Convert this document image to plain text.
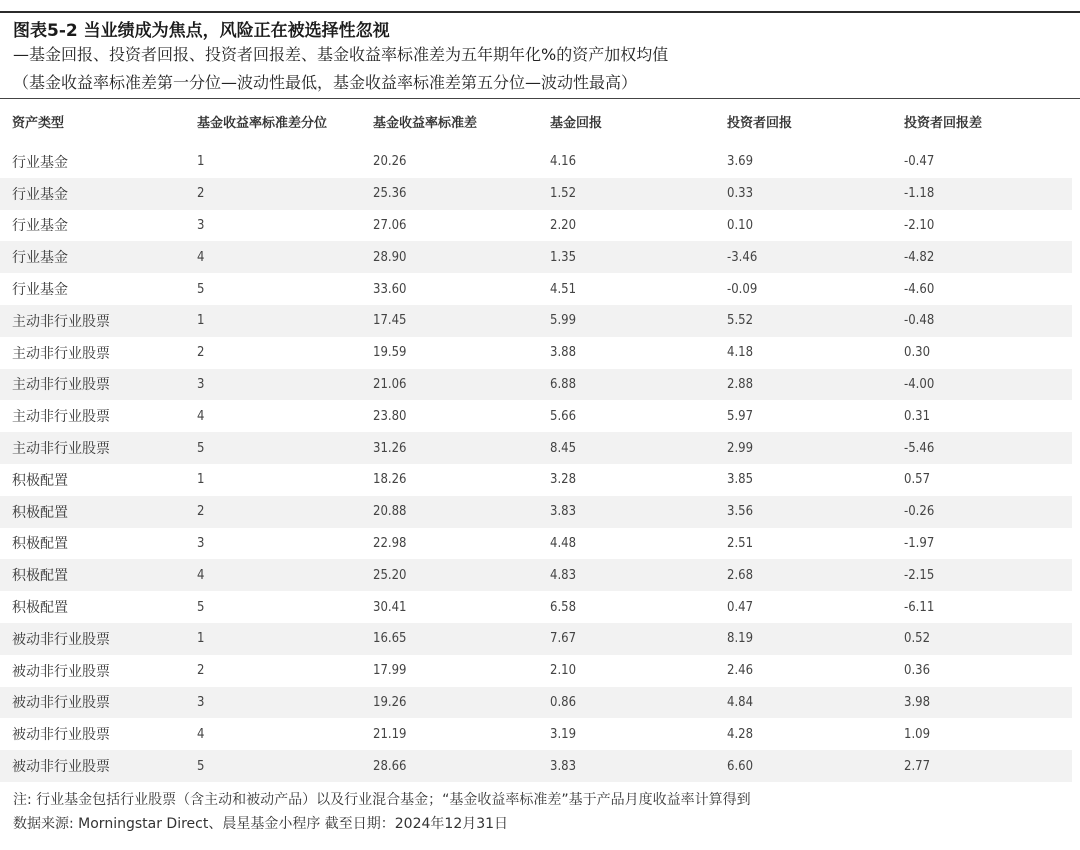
图表5-2 当业绩成为焦点，风险正在被选择性忽视
—基金回报、投资者回报、投资者回报差、基金收益率标准差为五年期年化%的资产加权均值
（基金收益率标准差第一分位—波动性最低，基金收益率标准差第五分位—波动性最高）
资产类型	基金收益率标准差分位	基金收益率标准差	基金回报	投资者回报	投资者回报差
行业基金	1	20.26	4.16	3.69	-0.47
行业基金	2	25.36	1.52	0.33	-1.18
行业基金	3	27.06	2.20	0.10	-2.10
行业基金	4	28.90	1.35	-3.46	-4.82
行业基金	5	33.60	4.51	-0.09	-4.60
主动非行业股票	1	17.45	5.99	5.52	-0.48
主动非行业股票	2	19.59	3.88	4.18	0.30
主动非行业股票	3	21.06	6.88	2.88	-4.00
主动非行业股票	4	23.80	5.66	5.97	0.31
主动非行业股票	5	31.26	8.45	2.99	-5.46
积极配置	1	18.26	3.28	3.85	0.57
积极配置	2	20.88	3.83	3.56	-0.26
积极配置	3	22.98	4.48	2.51	-1.97
积极配置	4	25.20	4.83	2.68	-2.15
积极配置	5	30.41	6.58	0.47	-6.11
被动非行业股票	1	16.65	7.67	8.19	0.52
被动非行业股票	2	17.99	2.10	2.46	0.36
被动非行业股票	3	19.26	0.86	4.84	3.98
被动非行业股票	4	21.19	3.19	4.28	1.09
被动非行业股票	5	28.66	3.83	6.60	2.77
注: 行业基金包括行业股票（含主动和被动产品）以及行业混合基金；“基金收益率标准差”基于产品月度收益率计算得到
数据来源: Morningstar Direct、晨星基金小程序 截至日期：2024年12月31日
